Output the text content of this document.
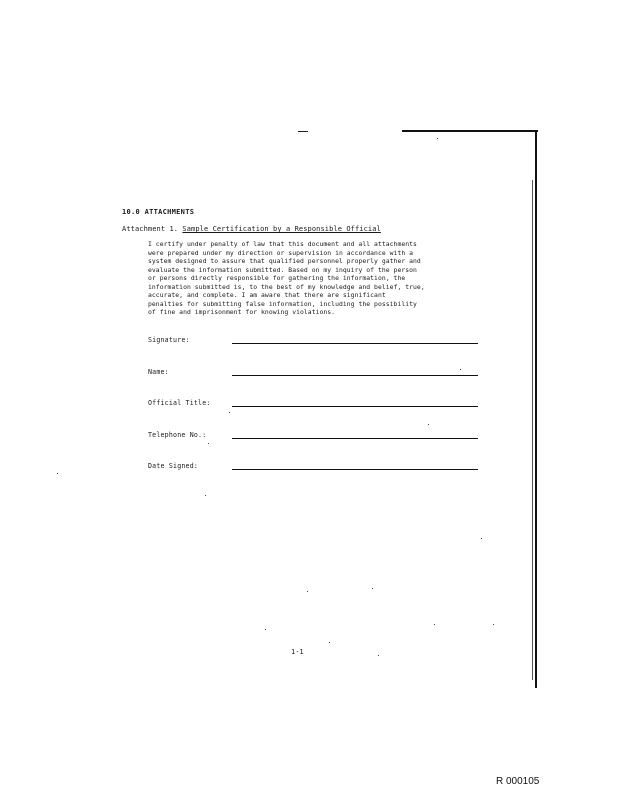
10.0 ATTACHMENTS
Attachment 1. Sample Certification by a Responsible Official
I certify under penalty of law that this document and all attachments
were prepared under my direction or supervision in accordance with a
system designed to assure that qualified personnel properly gather and
evaluate the information submitted. Based on my inquiry of the person
or persons directly responsible for gathering the information, the
information submitted is, to the best of my knowledge and belief, true,
accurate, and complete. I am aware that there are significant
penalties for submitting false information, including the possibility
of fine and imprisonment for knowing violations.
Signature:
Name:
Official Title:
Telephone No.:
Date Signed:
1-1
R 000105
